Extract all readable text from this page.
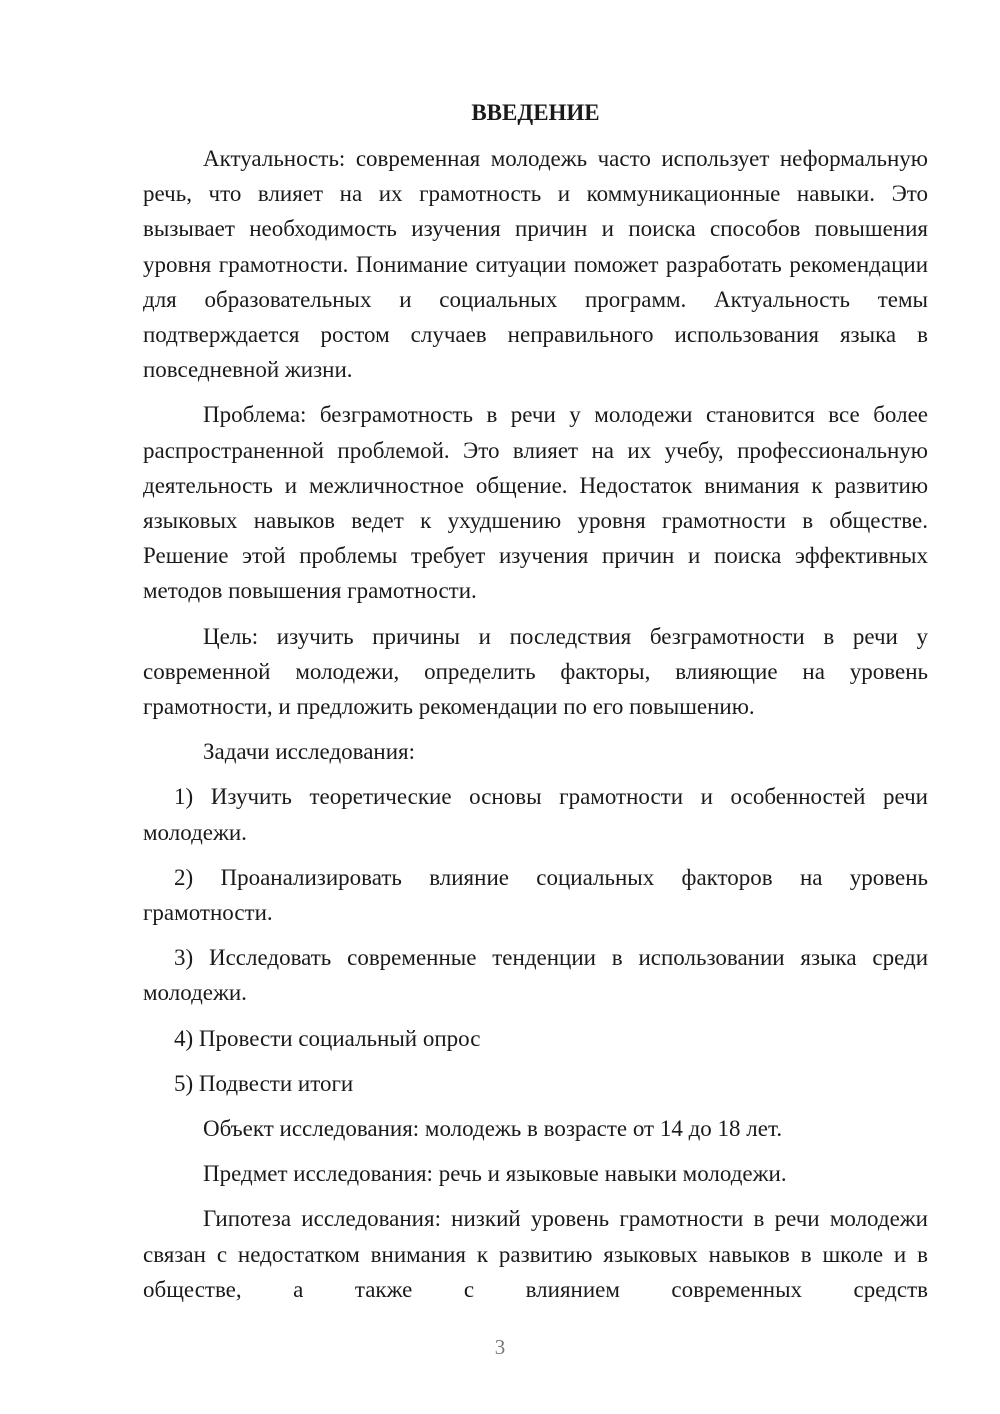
ВВЕДЕНИЕ

Актуальность: современная молодежь часто использует неформальную речь, что влияет на их грамотность и коммуникационные навыки. Это вызывает необходимость изучения причин и поиска способов повышения уровня грамотности. Понимание ситуации поможет разработать рекомендации для образовательных и социальных программ. Актуальность темы подтверждается ростом случаев неправильного использования языка в повседневной жизни.

Проблема: безграмотность в речи у молодежи становится все более распространенной проблемой. Это влияет на их учебу, профессиональную деятельность и межличностное общение. Недостаток внимания к развитию языковых навыков ведет к ухудшению уровня грамотности в обществе. Решение этой проблемы требует изучения причин и поиска эффективных методов повышения грамотности.

Цель: изучить причины и последствия безграмотности в речи у современной молодежи, определить факторы, влияющие на уровень грамотности, и предложить рекомендации по его повышению.

Задачи исследования:

1) Изучить теоретические основы грамотности и особенностей речи молодежи.

2) Проанализировать влияние социальных факторов на уровень грамотности.

3) Исследовать современные тенденции в использовании языка среди молодежи.

4) Провести социальный опрос

5) Подвести итоги

Объект исследования: молодежь в возрасте от 14 до 18 лет.

Предмет исследования: речь и языковые навыки молодежи.

Гипотеза исследования: низкий уровень грамотности в речи молодежи связан с недостатком внимания к развитию языковых навыков в школе и в обществе, а также с влиянием современных средств

3
